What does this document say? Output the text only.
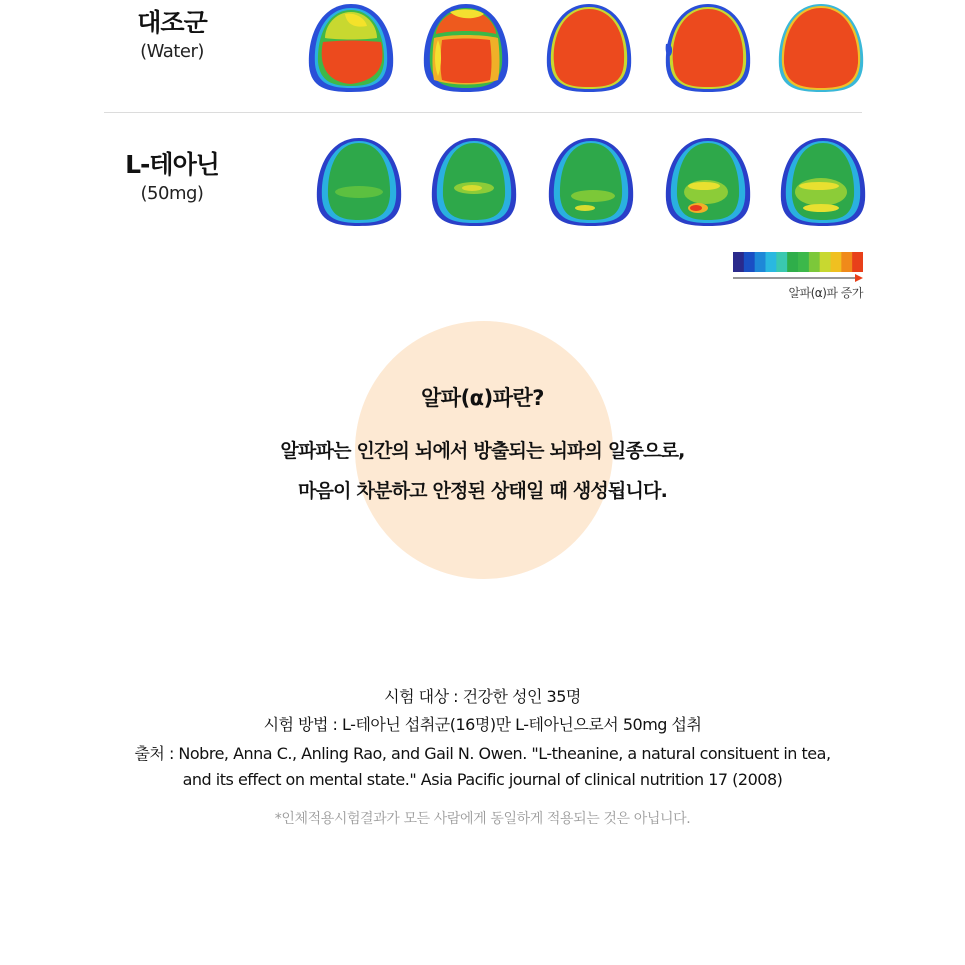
대조군
(Water)
L-테아닌
(50mg)
알파(α)파 증가
알파(α)파란?
알파파는 인간의 뇌에서 방출되는 뇌파의 일종으로,
마음이 차분하고 안정된 상태일 때 생성됩니다.
시험 대상 : 건강한 성인 35명
시험 방법 : L-테아닌 섭취군(16명)만 L-테아닌으로서 50mg 섭취
출처 : Nobre, Anna C., Anling Rao, and Gail N. Owen. "L-theanine, a natural consituent in tea,
and its effect on mental state." Asia Pacific journal of clinical nutrition 17 (2008)
*인체적용시험결과가 모든 사람에게 동일하게 적용되는 것은 아닙니다.
